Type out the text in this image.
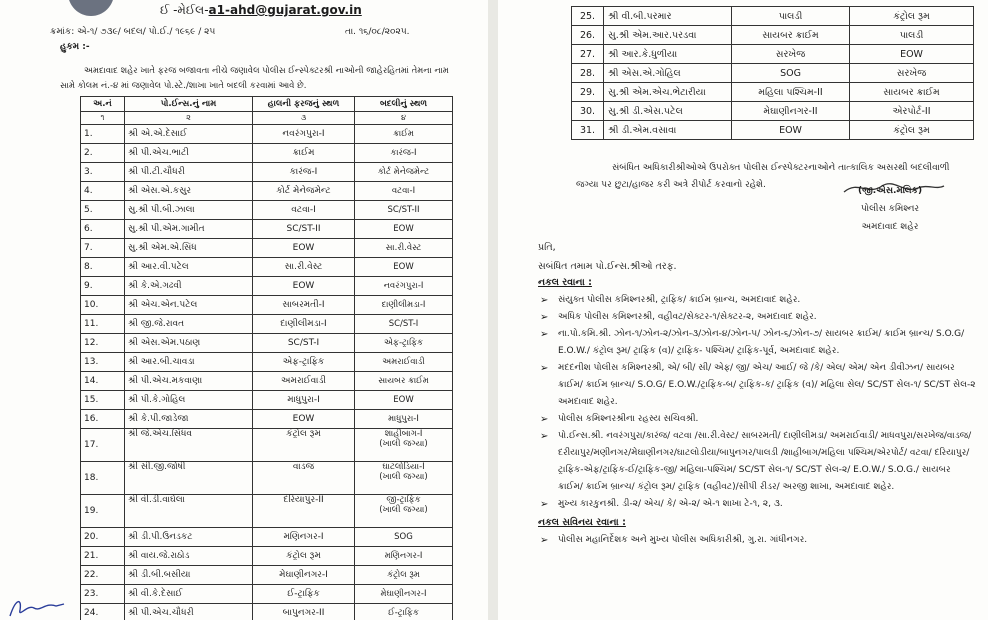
ઈ -મેઈલ-a1-ahd@gujarat.gov.in
ક્રમાંક: એ-૧/ ૭૩૯/ બદલ/ પો.ઈ./ ૧૯૬૯ / ૨૫	તા. ૧૬/૦૮/૨૦૨૫.
હુકમ :-
અમદાવાદ શહેર ખાતે ફરજ બજાવતા નીચે જણાવેલ પોલીસ ઈન્સ્પેક્ટરશ્રી નાઓની જાહેરહિતમાં તેમના નામ સામે કોલમ નં.-૪ માં જણાવેલ પો.સ્ટે./શાખા ખાતે બદલી કરવામાં આવે છે.
અ.નં	પો.ઈન્સ.નું નામ	હાલની ફરજનું સ્થળ	બદલીનું સ્થળ
૧	૨	૩	૪
1.	શ્રી એ.એ.દેસાઈ	નવરંગપુરા-I	ક્રાઈમ

2.	શ્રી પી.એચ.ભાટી	ક્રાઈમ	કારંજ-I

3.	શ્રી પી.ટી.ચૌધરી	કારંજ-I	કોર્ટ મેનેજમેન્ટ

4.	શ્રી એસ.એ.કસુર	કોર્ટ મેનેજમેન્ટ	વટવા-I

5.	સુ.શ્રી પી.બી.ઝાલા	વટવા-I	SC/ST-II

6.	સુ.શ્રી પી.એમ.ગામીત	SC/ST-II	EOW

7.	સુ.શ્રી એમ.એ.સિંધ	EOW	સા.રી.વેસ્ટ

8.	શ્રી આર.વી.પટેલ	સા.રી.વેસ્ટ	EOW

9.	શ્રી કે.એ.ગઢવી	EOW	નવરંગપુરા-I

10.	શ્રી એચ.એન.પટેલ	સાબરમતી-I	દાણીલીમડા-I

11.	શ્રી જી.જે.રાવત	દાણીલીમડા-I	SC/ST-I

12.	શ્રી એસ.એમ.પઠાણ	SC/ST-I	એફ-ટ્રાફિક

13.	શ્રી આર.બી.ચાવડા	એફ-ટ્રાફિક	અમરાઈવાડી

14.	શ્રી પી.એચ.મકવાણા	અમરાઈવાડી	સાયબર ક્રાઈમ

15.	શ્રી પી.કે.ગોહિલ	માધુપુરા-I	EOW

16.	શ્રી કે.પી.જાડેજા	EOW	માધુપુરા-I

17.	શ્રી જે.એચ.સિંધવ	કંટ્રોલ રૂમ	શાહીબાગ-I
(ખાલી જગ્યા)

18.	શ્રી સી.જી.જોષી	વાડજ	ઘાટલોડિયા-I
(ખાલી જગ્યા)

19.	શ્રી વી.ડી.વાઘેલા	દરિયાપુર-II	જી-ટ્રાફિક
(ખાલી જગ્યા)

20.	શ્રી ડી.પી.ઉનડકટ	મણિનગર-I	SOG

21.	શ્રી વાય.જે.રાઠોડ	કંટ્રોલ રૂમ	મણિનગર-I

22.	શ્રી ડી.બી.બસીયા	મેઘાણીનગર-I	કંટ્રોલ રૂમ

23.	શ્રી વી.કે.દેસાઈ	ઈ-ટ્રાફિક	મેઘાણીનગર-I

24.	શ્રી પી.એચ.ચૌધરી	બાપુનગર-II	ઈ-ટ્રાફિક
25.	શ્રી વી.બી.પરમાર	પાલડી	કંટ્રોલ રૂમ
26.	સુ.શ્રી એમ.આર.પરડવા	સાયબર ક્રાઈમ	પાલડી
27.	શ્રી આર.કે.ધુળીયા	સરખેજ	EOW
28.	શ્રી એસ.એ.ગોહિલ	SOG	સરખેજ
29.	સુ.શ્રી એમ.એચ.ભેટારીયા	મહિલા પશ્ચિમ-II	સાયબર ક્રાઈમ
30.	સુ.શ્રી ડી.એસ.પટેલ	મેઘાણીનગર-II	એરપોર્ટ-II
31.	શ્રી ડી.એમ.વસાવા	EOW	કંટ્રોલ રૂમ
સંબંધિત અધિકારીશ્રીઓએ ઉપરોક્ત પોલીસ ઈન્સ્પેક્ટરનાઓને તાત્કાલિક અસરથી બદલીવાળી જગ્યા પર છુટા/હાજર કરી અત્રે રીપોર્ટ કરવાનો રહેશે.
(જી.એસ.મલિક)
પોલીસ કમિશ્નર
અમદાવાદ શહેર
પ્રતિ,
સબંધિત તમામ પો.ઈન્સ.શ્રીઓ તરફ.
નકલ રવાના :
➢ સંયુક્ત પોલીસ કમિશ્નરશ્રી, ટ્રાફિક/ ક્રાઈમ બ્રાન્ચ, અમદાવાદ શહેર.
➢ અધિક પોલીસ કમિશ્નરશ્રી, વહીવટ/સેક્ટર-૧/સેક્ટર-૨, અમદાવાદ શહેર.
➢ ના.પો.કમિ.શ્રી. ઝોન-૧/ઝોન-૨/ઝોન-૩/ઝોન-૪/ઝોન-૫/ ઝોન-૬/ઝોન-૭/ સાયબર ક્રાઈમ/ ક્રાઈમ બ્રાન્ચ/ S.O.G/ E.O.W./ કંટ્રોલ રૂમ/ ટ્રાફિક (વ)/ ટ્રાફિક- પશ્ચિમ/ ટ્રાફિક-પૂર્વ, અમદાવાદ શહેર.
➢ મદદનીશ પોલીસ કમિશ્નરશ્રી, એ/ બી/ સી/ એફ/ જી/ એચ/ આઈ/ જે /કે/ એલ/ એમ/ એન ડીવીઝન/ સાયબર ક્રાઈમ/ ક્રાઈમ બ્રાન્ચ/ S.O.G/ E.O.W./ટ્રાફિક-બ/ ટ્રાફિક-ક/ ટ્રાફિક (વ)/ મહિલા સેલ/ SC/ST સેલ-૧/ SC/ST સેલ-૨ અમદાવાદ શહેર.
➢ પોલીસ કમિશ્નરશ્રીના રહસ્ય સચિવશ્રી.
➢ પો.ઈન્સ.શ્રી. નવરંગપુરા/કારંજ/ વટવા /સા.રી.વેસ્ટ/ સાબરમતી/ દાણીલીમડા/ અમરાઈવાડી/ માધવપુરા/સરખેજ/વાડજ/દરીયાપુર/મણીનગર/મેઘાણીનગર/ઘાટલોડીયા/બાપુનગર/પાલડી /શાહીબાગ/મહિલા પશ્ચિમ/એરપોર્ટ/ વટવા/ દરિયાપુર/ ટ્રાફિક-એફ/ટ્રાફિક-ઈ/ટ્રાફિક-જી/ મહિલા-પશ્ચિમ/ SC/ST સેલ-૧/ SC/ST સેલ-૨/ E.O.W./ S.O.G./ સાયબર ક્રાઈમ/ ક્રાઈમ બ્રાન્ચ/ કંટ્રોલ રૂમ/ ટ્રાફિક (વહીવટ)/સીપી રીડર/ અરજી શાખા, અમદાવાદ શહેર.
➢ મુખ્ય કારકુનશ્રી. ડી-૨/ એચ/ કે/ એ-૨/ એ-૧ શાખા ટે-૧, ૨, ૩.
નકલ સવિનય રવાના :
➢ પોલીસ મહાનિર્દેશક અને મુખ્ય પોલીસ અધિકારીશ્રી, ગુ.રા. ગાંધીનગર.
